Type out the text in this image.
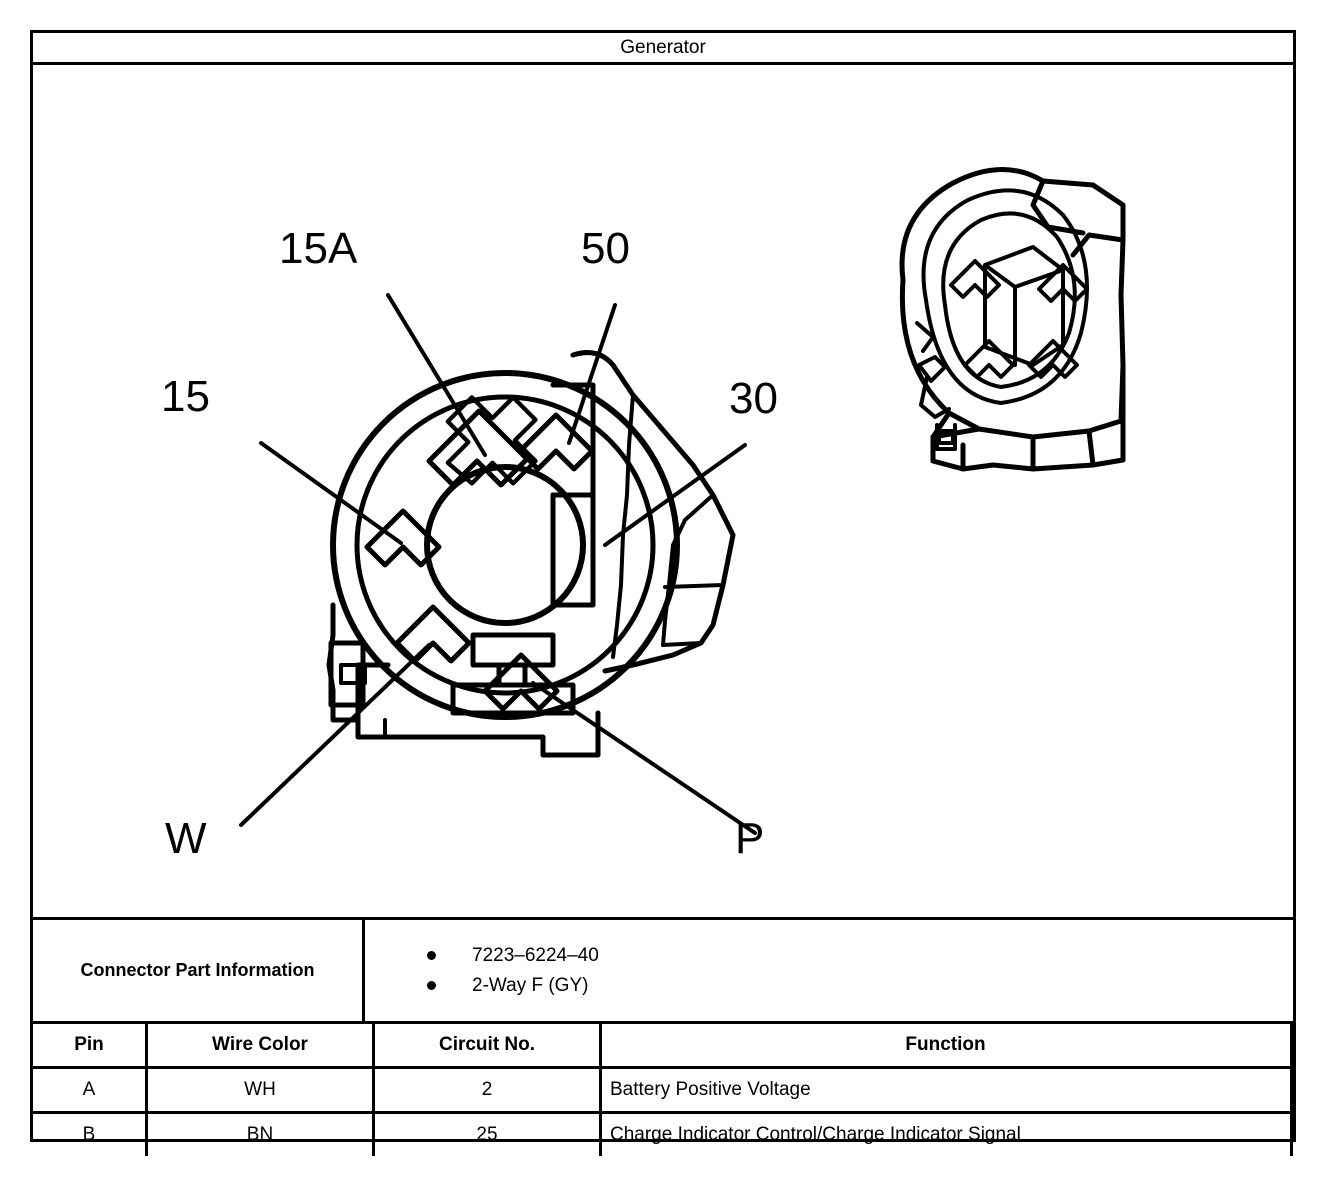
Generator
15A	50
15	30
W	P
Connector Part Information
7223–6224–40
2-Way F (GY)
Pin	Wire Color	Circuit No.	Function
A	WH	2	Battery Positive Voltage
B	BN	25	Charge Indicator Control/Charge Indicator Signal
